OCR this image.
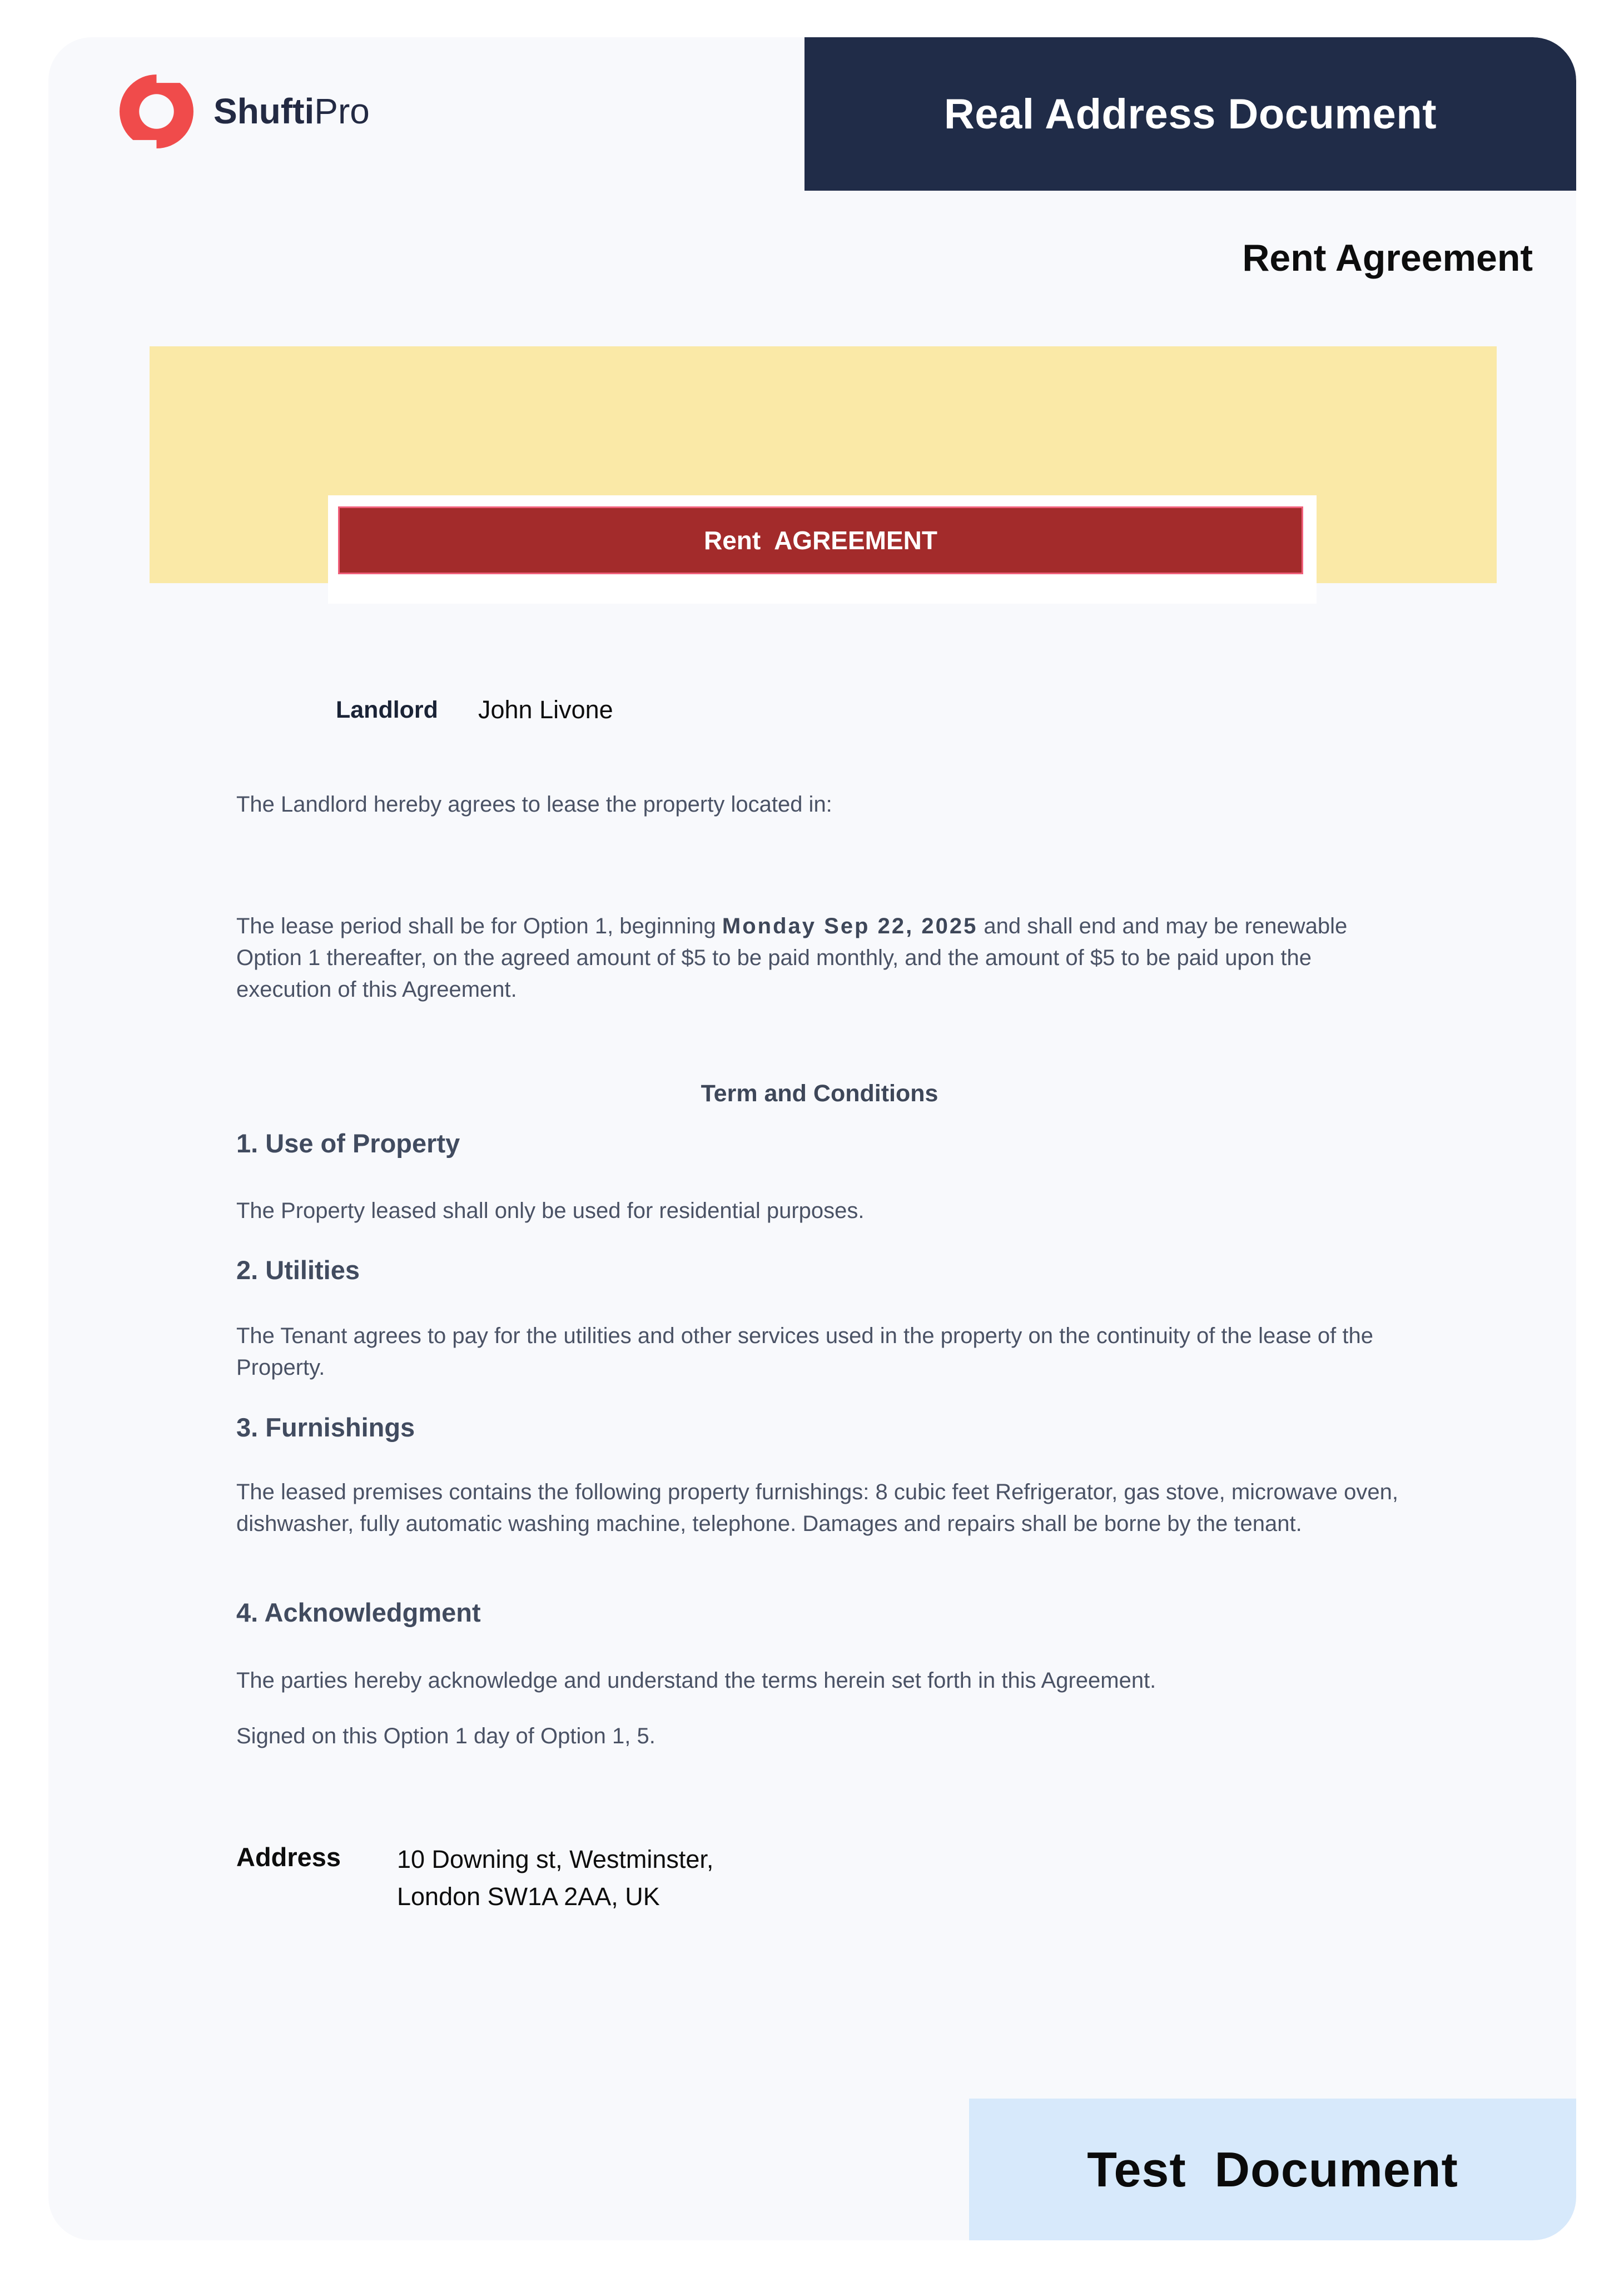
ShuftiPro	Real Address Document
Rent Agreement
Rent  AGREEMENT
Landlord John Livone
The Landlord hereby agrees to lease the property located in:
The lease period shall be for Option 1, beginning Monday Sep 22, 2025 and shall end and may be renewable Option 1 thereafter, on the agreed amount of $5 to be paid monthly, and the amount of $5 to be paid upon the execution of this Agreement.
Term and Conditions
1. Use of Property
The Property leased shall only be used for residential purposes.
2. Utilities
The Tenant agrees to pay for the utilities and other services used in the property on the continuity of the lease of the Property.
3. Furnishings
The leased premises contains the following property furnishings: 8 cubic feet Refrigerator, gas stove, microwave oven, dishwasher, fully automatic washing machine, telephone. Damages and repairs shall be borne by the tenant.
4. Acknowledgment
The parties hereby acknowledge and understand the terms herein set forth in this Agreement.
Signed on this Option 1 day of Option 1, 5.
Address 10 Downing st, Westminster,
London SW1A 2AA, UK
Test  Document
